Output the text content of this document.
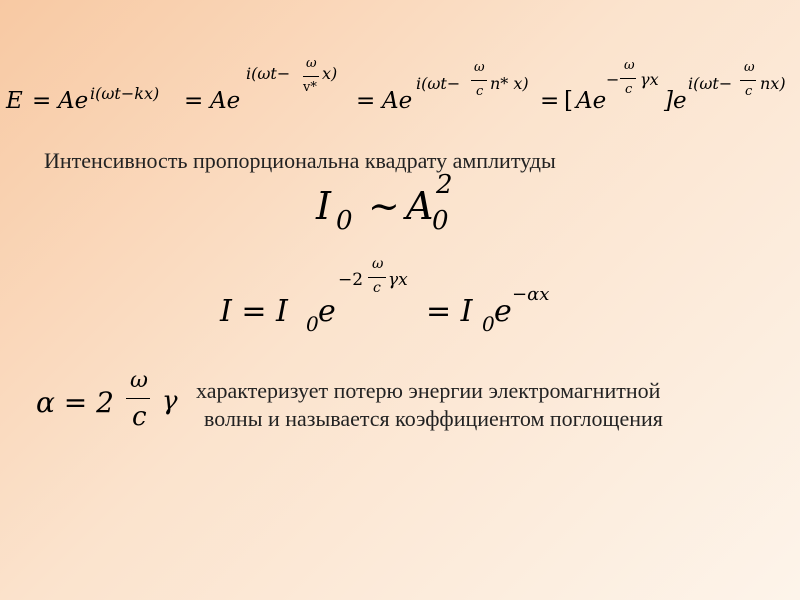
E = Ae i(ωt−kx) = Ae
i(ωt−
ω
v*
x)
= Ae
i(ωt−
ω
c n* x)
= [ Ae
−
ω
c
γx
]e
i(ωt−
ω
c nx)
Интенсивность пропорциональна квадрату амплитуды
I 0 ~ A
0
2
I = I 0 e
−2
ω
c γx
= I 0 e −αx
α = 2
ω
c
γ характеризует потерю энергии электромагнитной
волны и называется коэффициентом поглощения
